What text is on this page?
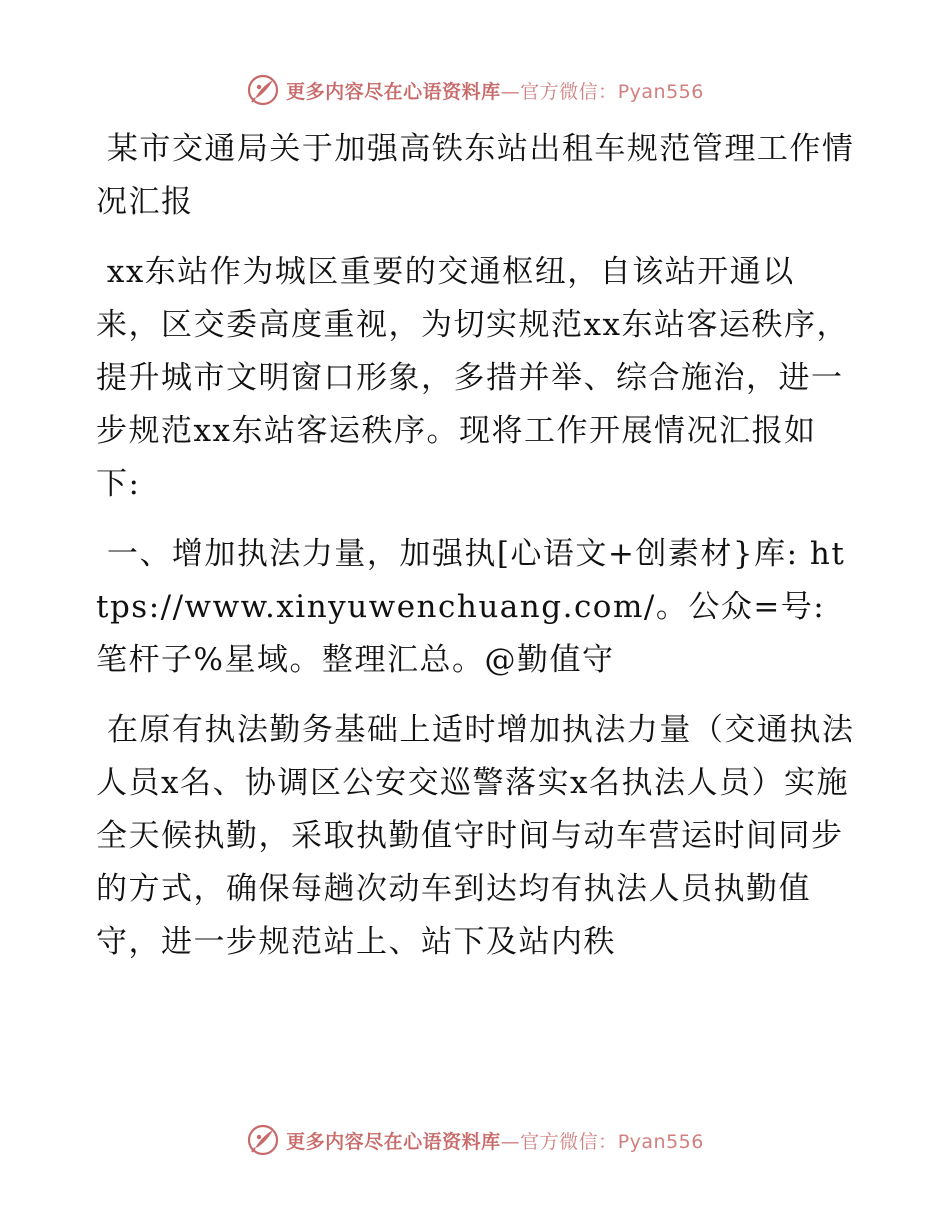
更多内容尽在心语资料库—官方微信：Pyan556

某市交通局关于加强高铁东站出租车规范管理工作情况汇报

xx东站作为城区重要的交通枢纽，自该站开通以来，区交委高度重视，为切实规范xx东站客运秩序，提升城市文明窗口形象，多措并举、综合施治，进一步规范xx东站客运秩序。现将工作开展情况汇报如下:

一、增加执法力量，加强执[心语文+创素材}库: https://www.xinyuwenchuang.com/。公众=号: 笔杆子%星域。整理汇总。@勤值守

在原有执法勤务基础上适时增加执法力量（交通执法人员x名、协调区公安交巡警落实x名执法人员）实施全天候执勤，采取执勤值守时间与动车营运时间同步的方式，确保每趟次动车到达均有执法人员执勤值守，进一步规范站上、站下及站内秩

更多内容尽在心语资料库—官方微信：Pyan556
